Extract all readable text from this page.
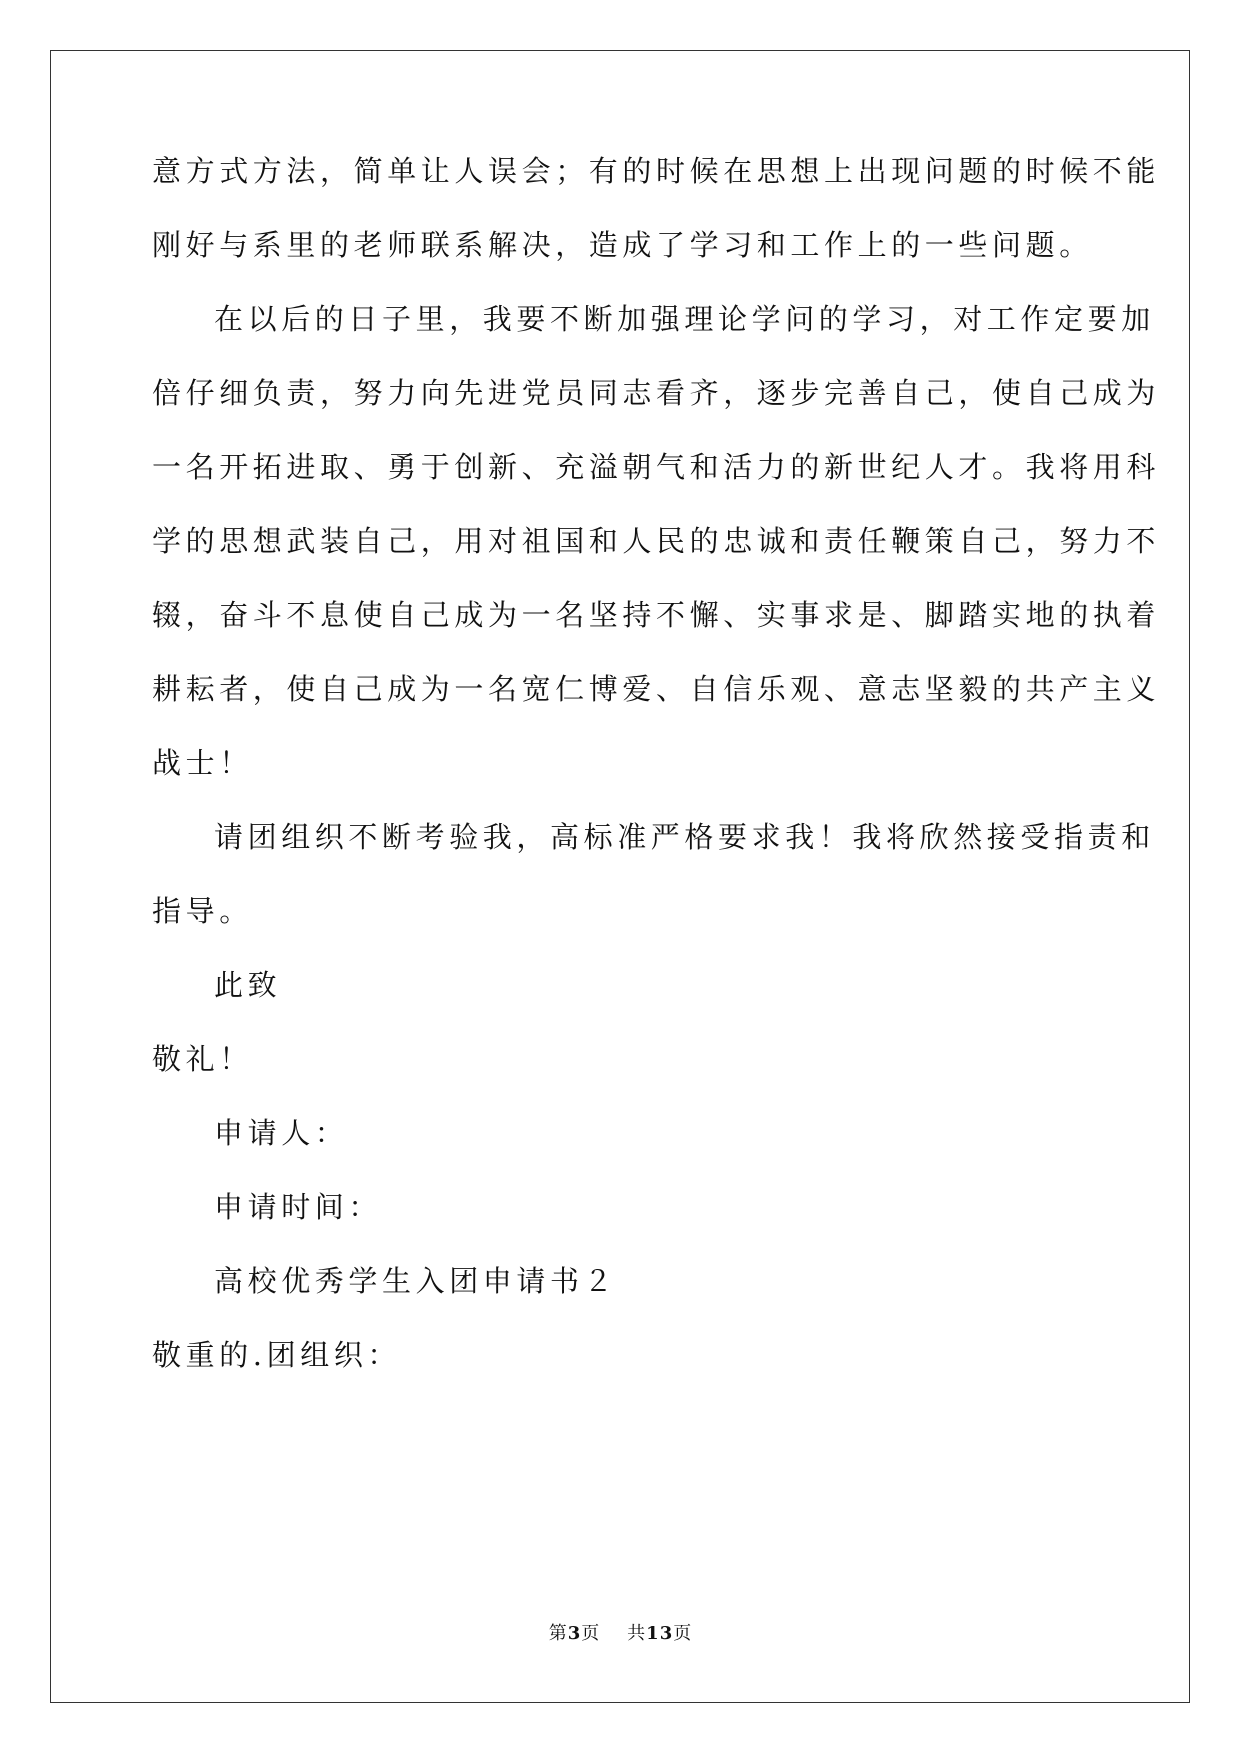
意方式方法，简单让人误会；有的时候在思想上出现问题的时候不能
刚好与系里的老师联系解决，造成了学习和工作上的一些问题。
在以后的日子里，我要不断加强理论学问的学习，对工作定要加
倍仔细负责，努力向先进党员同志看齐，逐步完善自己，使自己成为
一名开拓进取、勇于创新、充溢朝气和活力的新世纪人才。我将用科
学的思想武装自己，用对祖国和人民的忠诚和责任鞭策自己，努力不
辍，奋斗不息使自己成为一名坚持不懈、实事求是、脚踏实地的执着
耕耘者，使自己成为一名宽仁博爱、自信乐观、意志坚毅的共产主义
战士！
请团组织不断考验我，高标准严格要求我！我将欣然接受指责和
指导。
此致
敬礼！
申请人：
申请时间：
高校优秀学生入团申请书２
敬重的.团组织：
第3页 共13页
